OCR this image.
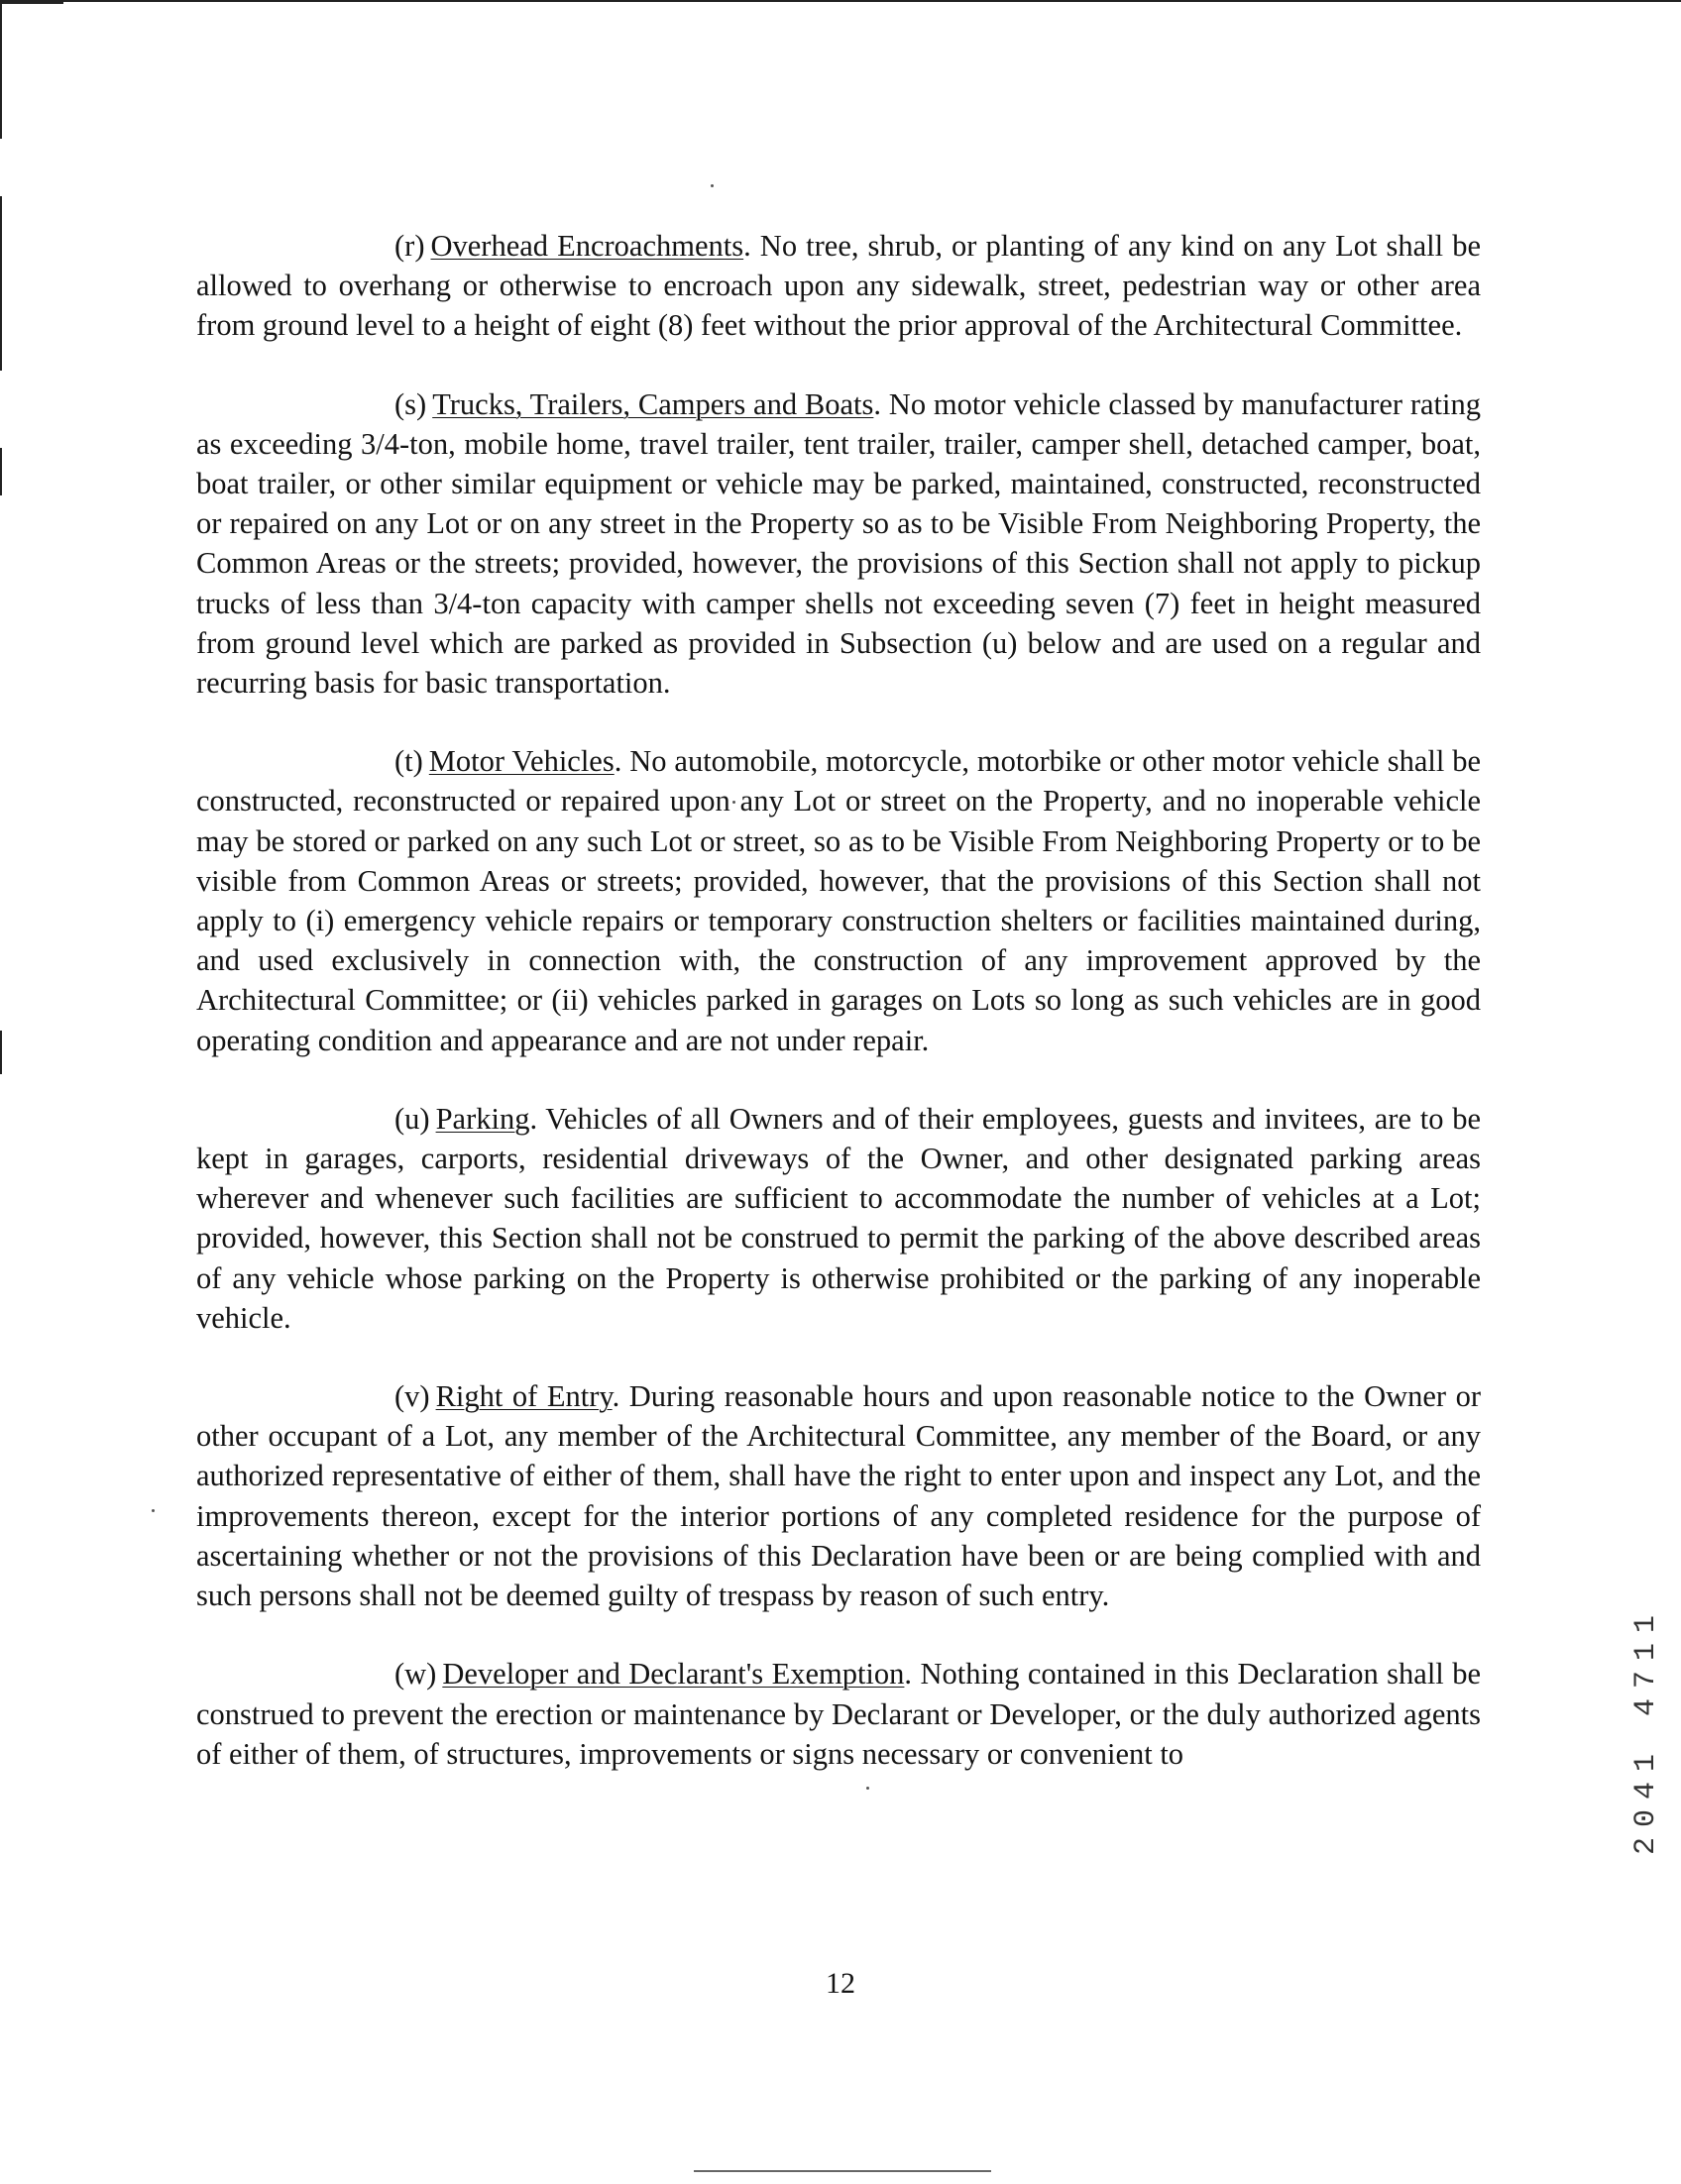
(r) Overhead Encroachments. No tree, shrub, or planting of any kind on any Lot shall be allowed to overhang or otherwise to encroach upon any sidewalk, street, pedestrian way or other area from ground level to a height of eight (8) feet without the prior approval of the Architectural Committee.

(s) Trucks, Trailers, Campers and Boats. No motor vehicle classed by manufacturer rating as exceeding 3/4-ton, mobile home, travel trailer, tent trailer, trailer, camper shell, detached camper, boat, boat trailer, or other similar equipment or vehicle may be parked, maintained, constructed, reconstructed or repaired on any Lot or on any street in the Property so as to be Visible From Neighboring Property, the Common Areas or the streets; provided, however, the provisions of this Section shall not apply to pickup trucks of less than 3/4-ton capacity with camper shells not exceeding seven (7) feet in height measured from ground level which are parked as provided in Subsection (u) below and are used on a regular and recurring basis for basic transportation.

(t) Motor Vehicles. No automobile, motorcycle, motorbike or other motor vehicle shall be constructed, reconstructed or repaired upon any Lot or street on the Property, and no inoperable vehicle may be stored or parked on any such Lot or street, so as to be Visible From Neighboring Property or to be visible from Common Areas or streets; provided, however, that the provisions of this Section shall not apply to (i) emergency vehicle repairs or temporary construction shelters or facilities maintained during, and used exclusively in connection with, the construction of any improvement approved by the Architectural Committee; or (ii) vehicles parked in garages on Lots so long as such vehicles are in good operating condition and appearance and are not under repair.

(u) Parking. Vehicles of all Owners and of their employees, guests and invitees, are to be kept in garages, carports, residential driveways of the Owner, and other designated parking areas wherever and whenever such facilities are sufficient to accommodate the number of vehicles at a Lot; provided, however, this Section shall not be construed to permit the parking of the above described areas of any vehicle whose parking on the Property is otherwise prohibited or the parking of any inoperable vehicle.

(v) Right of Entry. During reasonable hours and upon reasonable notice to the Owner or other occupant of a Lot, any member of the Architectural Committee, any member of the Board, or any authorized representative of either of them, shall have the right to enter upon and inspect any Lot, and the improvements thereon, except for the interior portions of any completed residence for the purpose of ascertaining whether or not the provisions of this Declaration have been or are being complied with and such persons shall not be deemed guilty of trespass by reason of such entry.

(w) Developer and Declarant's Exemption. Nothing contained in this Declaration shall be construed to prevent the erection or maintenance by Declarant or Developer, or the duly authorized agents of either of them, of structures, improvements or signs necessary or convenient to

12
2041 4711
